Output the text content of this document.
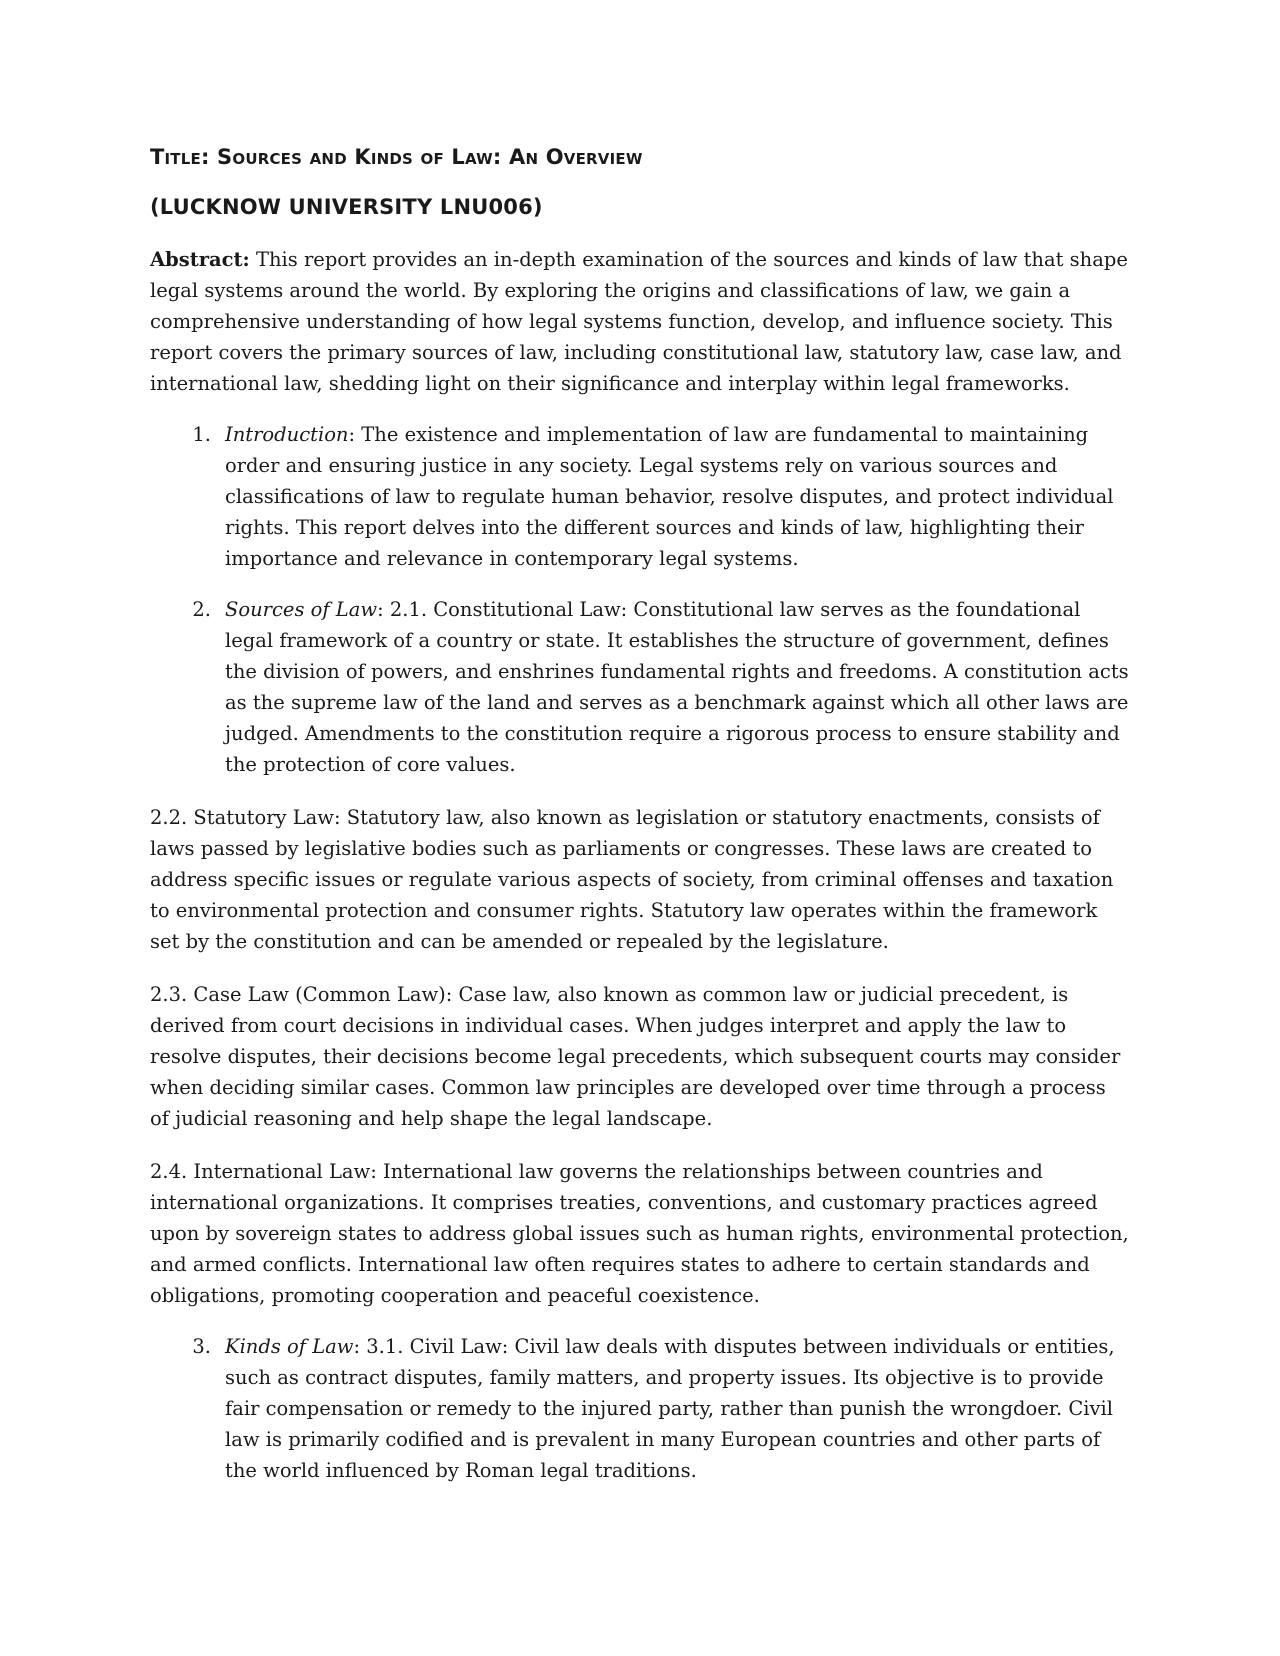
Title: Sources and Kinds of Law: An Overview

(LUCKNOW UNIVERSITY LNU006)

Abstract: This report provides an in-depth examination of the sources and kinds of law that shape legal systems around the world. By exploring the origins and classifications of law, we gain a comprehensive understanding of how legal systems function, develop, and influence society. This report covers the primary sources of law, including constitutional law, statutory law, case law, and international law, shedding light on their significance and interplay within legal frameworks.

1. Introduction: The existence and implementation of law are fundamental to maintaining order and ensuring justice in any society. Legal systems rely on various sources and classifications of law to regulate human behavior, resolve disputes, and protect individual rights. This report delves into the different sources and kinds of law, highlighting their importance and relevance in contemporary legal systems.
2. Sources of Law: 2.1. Constitutional Law: Constitutional law serves as the foundational legal framework of a country or state. It establishes the structure of government, defines the division of powers, and enshrines fundamental rights and freedoms. A constitution acts as the supreme law of the land and serves as a benchmark against which all other laws are judged. Amendments to the constitution require a rigorous process to ensure stability and the protection of core values.

2.2. Statutory Law: Statutory law, also known as legislation or statutory enactments, consists of laws passed by legislative bodies such as parliaments or congresses. These laws are created to address specific issues or regulate various aspects of society, from criminal offenses and taxation to environmental protection and consumer rights. Statutory law operates within the framework set by the constitution and can be amended or repealed by the legislature.

2.3. Case Law (Common Law): Case law, also known as common law or judicial precedent, is derived from court decisions in individual cases. When judges interpret and apply the law to resolve disputes, their decisions become legal precedents, which subsequent courts may consider when deciding similar cases. Common law principles are developed over time through a process of judicial reasoning and help shape the legal landscape.

2.4. International Law: International law governs the relationships between countries and international organizations. It comprises treaties, conventions, and customary practices agreed upon by sovereign states to address global issues such as human rights, environmental protection, and armed conflicts. International law often requires states to adhere to certain standards and obligations, promoting cooperation and peaceful coexistence.

3. Kinds of Law: 3.1. Civil Law: Civil law deals with disputes between individuals or entities, such as contract disputes, family matters, and property issues. Its objective is to provide fair compensation or remedy to the injured party, rather than punish the wrongdoer. Civil law is primarily codified and is prevalent in many European countries and other parts of the world influenced by Roman legal traditions.
